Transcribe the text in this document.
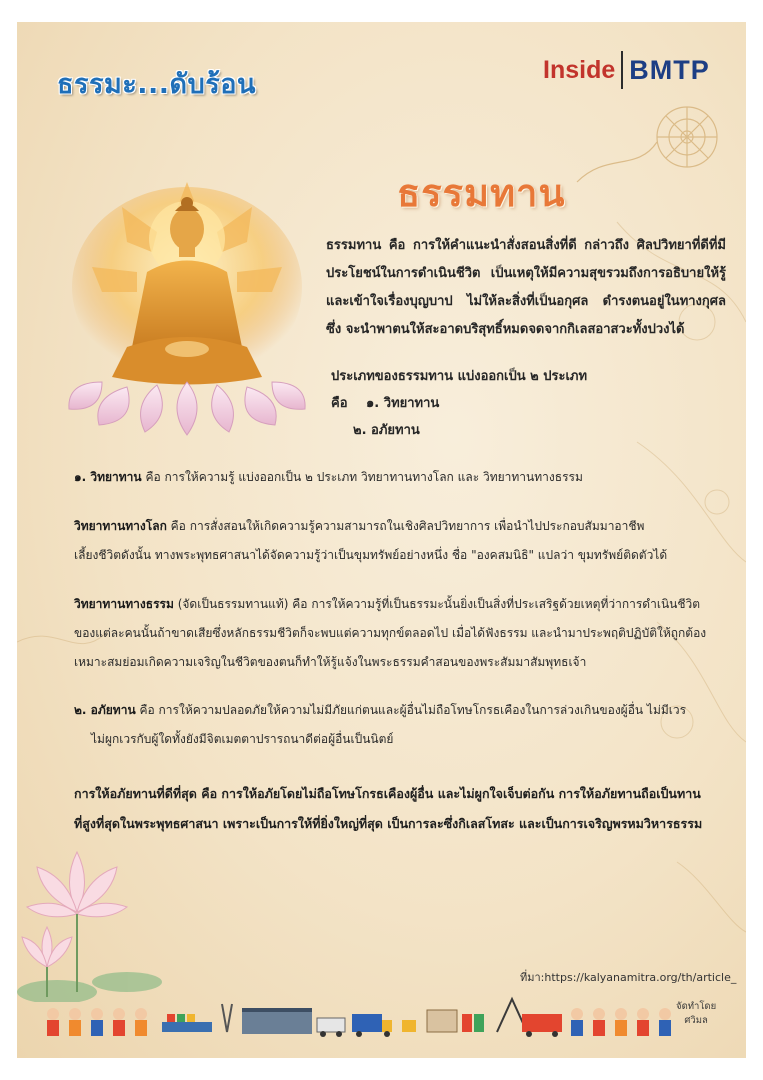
ธรรมะ...ดับร้อน	Inside BMTP
ธรรมทาน
ธรรมทาน คือ การให้คำแนะนำสั่งสอนสิ่งที่ดี กล่าวถึง ศิลปวิทยาที่ดีที่มีประโยชน์ในการดำเนินชีวิต เป็นเหตุให้มีความสุขรวมถึงการอธิบายให้รู้และเข้าใจเรื่องบุญบาป ไม่ให้ละสิ่งที่เป็นอกุศล ดำรงตนอยู่ในทางกุศล ซึ่ง จะนำพาตนให้สะอาดบริสุทธิ์หมดจดจากกิเลสอาสวะทั้งปวงได้
ประเภทของธรรมทาน แบ่งออกเป็น ๒ ประเภท
คือ ๑. วิทยาทาน
๒. อภัยทาน
๑. วิทยาทาน คือ การให้ความรู้ แบ่งออกเป็น ๒ ประเภท วิทยาทานทางโลก และ วิทยาทานทางธรรม
วิทยาทานทางโลก คือ การสั่งสอนให้เกิดความรู้ความสามารถในเชิงศิลปวิทยาการ เพื่อนำไปประกอบสัมมาอาชีพ
เลี้ยงชีวิตดังนั้น ทางพระพุทธศาสนาได้จัดความรู้ว่าเป็นขุมทรัพย์อย่างหนึ่ง ชื่อ "องคสมนิธิ" แปลว่า ขุมทรัพย์ติดตัวได้
วิทยาทานทางธรรม (จัดเป็นธรรมทานแท้) คือ การให้ความรู้ที่เป็นธรรมะนั้นยิ่งเป็นสิ่งที่ประเสริฐด้วยเหตุที่ว่าการดำเนินชีวิต
ของแต่ละคนนั้นถ้าขาดเสียซึ่งหลักธรรมชีวิตก็จะพบแต่ความทุกข์ตลอดไป เมื่อได้ฟังธรรม และนำมาประพฤติปฏิบัติให้ถูกต้อง
เหมาะสมย่อมเกิดความเจริญในชีวิตของตนก็ทำให้รู้แจ้งในพระธรรมคำสอนของพระสัมมาสัมพุทธเจ้า
๒. อภัยทาน คือ การให้ความปลอดภัยให้ความไม่มีภัยแก่ตนและผู้อื่นไม่ถือโทษโกรธเคืองในการล่วงเกินของผู้อื่น ไม่มีเวร
ไม่ผูกเวรกับผู้ใดทั้งยังมีจิตเมตตาปรารถนาดีต่อผู้อื่นเป็นนิตย์
การให้อภัยทานที่ดีที่สุด คือ การให้อภัยโดยไม่ถือโทษโกรธเคืองผู้อื่น และไม่ผูกใจเจ็บต่อกัน การให้อภัยทานถือเป็นทาน
ที่สูงที่สุดในพระพุทธศาสนา เพราะเป็นการให้ที่ยิ่งใหญ่ที่สุด เป็นการละซึ่งกิเลสโทสะ และเป็นการเจริญพรหมวิหารธรรม
ที่มา:https://kalyanamitra.org/th/article_
จัดทำโดย
ศวิมล
